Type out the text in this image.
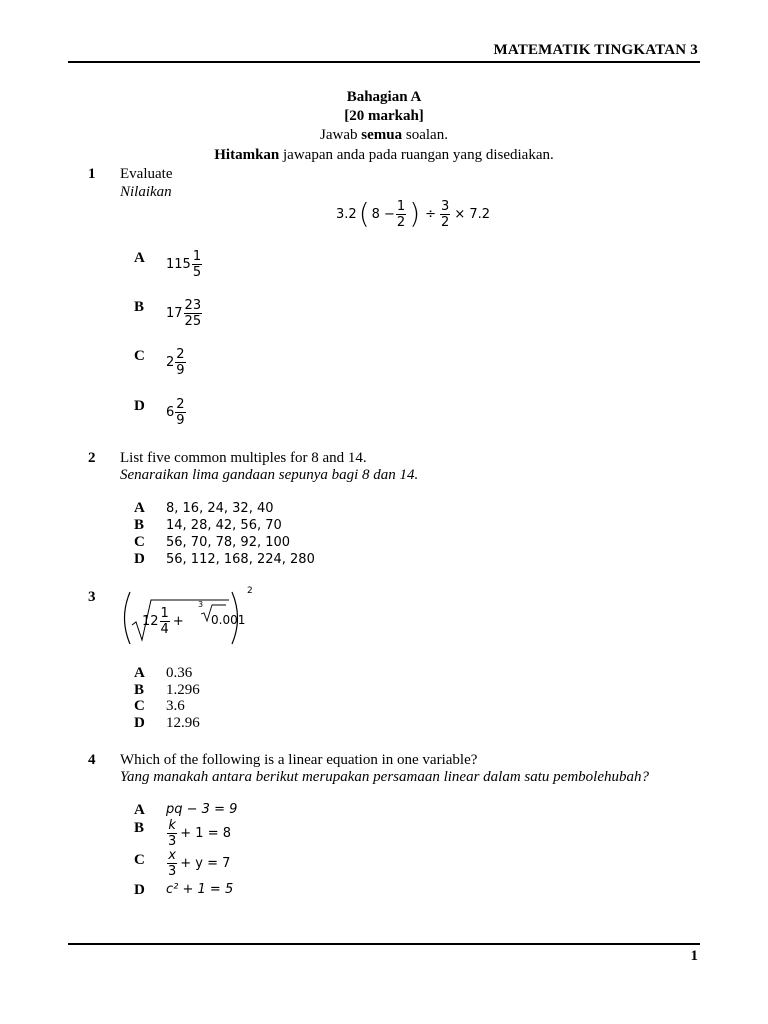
MATEMATIK TINGKATAN 3
Bahagian A
[20 markah]
Jawab semua soalan.
Hitamkan jawapan anda pada ruangan yang disediakan.
1 Evaluate
Nilaikan
3.2 ( $8 - \frac{1}{2}$ ) ÷ $\frac{3}{2} \times 7.2$
A $115 \frac{1}{5}$
B $17 \frac{23}{25}$
C $2 \frac{2}{9}$
D $6 \frac{2}{9}$
2 List five common multiples for 8 and 14.
Senaraikan lima gandaan sepunya bagi 8 dan 14.
A 8, 16, 24, 32, 40
B 14, 28, 42, 56, 70
C 56, 70, 78, 92, 100
D 56, 112, 168, 224, 280
3
$12 \frac{1}{4}$ +
3
0.001
2
A 0.36
B 1.296
C 3.6
D 12.96
4 Which of the following is a linear equation in one variable?
Yang manakah antara berikut merupakan persamaan linear dalam satu pembolehubah?
A pq − 3 = 9
B $\frac{k}{3} + 1 = 8$
C $\frac{x}{3} + y = 7$
D c² + 1 = 5
1
